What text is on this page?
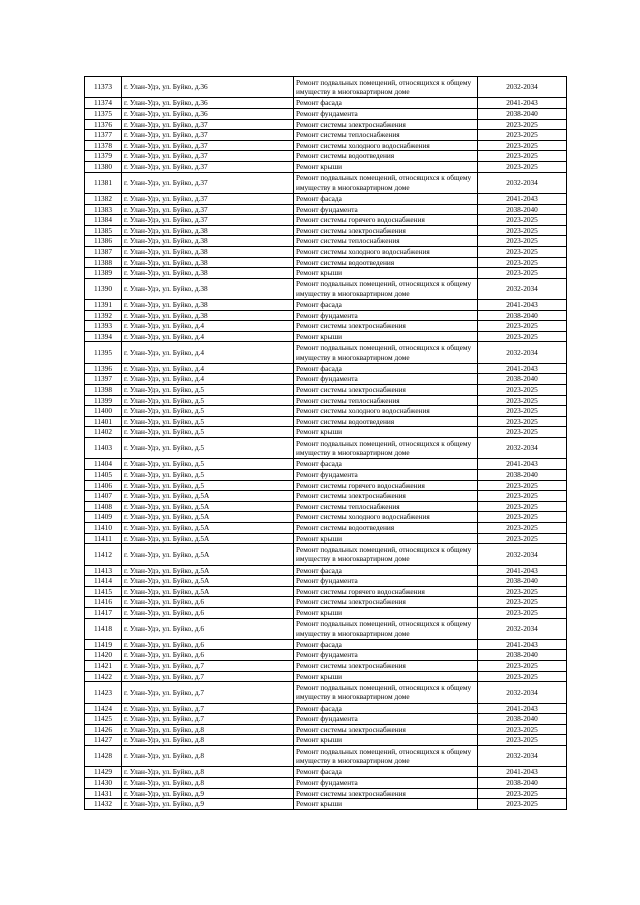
11373	г. Улан-Удэ, ул. Буйко, д.36	Ремонт подвальных помещений, относящихся к общему имуществу в многоквартирном доме	2032-2034
11374	г. Улан-Удэ, ул. Буйко, д.36	Ремонт фасада	2041-2043
11375	г. Улан-Удэ, ул. Буйко, д.36	Ремонт фундамента	2038-2040
11376	г. Улан-Удэ, ул. Буйко, д.37	Ремонт системы электроснабжения	2023-2025
11377	г. Улан-Удэ, ул. Буйко, д.37	Ремонт системы теплоснабжения	2023-2025
11378	г. Улан-Удэ, ул. Буйко, д.37	Ремонт системы холодного водоснабжения	2023-2025
11379	г. Улан-Удэ, ул. Буйко, д.37	Ремонт системы водоотведения	2023-2025
11380	г. Улан-Удэ, ул. Буйко, д.37	Ремонт крыши	2023-2025
11381	г. Улан-Удэ, ул. Буйко, д.37	Ремонт подвальных помещений, относящихся к общему имуществу в многоквартирном доме	2032-2034
11382	г. Улан-Удэ, ул. Буйко, д.37	Ремонт фасада	2041-2043
11383	г. Улан-Удэ, ул. Буйко, д.37	Ремонт фундамента	2038-2040
11384	г. Улан-Удэ, ул. Буйко, д.37	Ремонт системы горячего водоснабжения	2023-2025
11385	г. Улан-Удэ, ул. Буйко, д.38	Ремонт системы электроснабжения	2023-2025
11386	г. Улан-Удэ, ул. Буйко, д.38	Ремонт системы теплоснабжения	2023-2025
11387	г. Улан-Удэ, ул. Буйко, д.38	Ремонт системы холодного водоснабжения	2023-2025
11388	г. Улан-Удэ, ул. Буйко, д.38	Ремонт системы водоотведения	2023-2025
11389	г. Улан-Удэ, ул. Буйко, д.38	Ремонт крыши	2023-2025
11390	г. Улан-Удэ, ул. Буйко, д.38	Ремонт подвальных помещений, относящихся к общему имуществу в многоквартирном доме	2032-2034
11391	г. Улан-Удэ, ул. Буйко, д.38	Ремонт фасада	2041-2043
11392	г. Улан-Удэ, ул. Буйко, д.38	Ремонт фундамента	2038-2040
11393	г. Улан-Удэ, ул. Буйко, д.4	Ремонт системы электроснабжения	2023-2025
11394	г. Улан-Удэ, ул. Буйко, д.4	Ремонт крыши	2023-2025
11395	г. Улан-Удэ, ул. Буйко, д.4	Ремонт подвальных помещений, относящихся к общему имуществу в многоквартирном доме	2032-2034
11396	г. Улан-Удэ, ул. Буйко, д.4	Ремонт фасада	2041-2043
11397	г. Улан-Удэ, ул. Буйко, д.4	Ремонт фундамента	2038-2040
11398	г. Улан-Удэ, ул. Буйко, д.5	Ремонт системы электроснабжения	2023-2025
11399	г. Улан-Удэ, ул. Буйко, д.5	Ремонт системы теплоснабжения	2023-2025
11400	г. Улан-Удэ, ул. Буйко, д.5	Ремонт системы холодного водоснабжения	2023-2025
11401	г. Улан-Удэ, ул. Буйко, д.5	Ремонт системы водоотведения	2023-2025
11402	г. Улан-Удэ, ул. Буйко, д.5	Ремонт крыши	2023-2025
11403	г. Улан-Удэ, ул. Буйко, д.5	Ремонт подвальных помещений, относящихся к общему имуществу в многоквартирном доме	2032-2034
11404	г. Улан-Удэ, ул. Буйко, д.5	Ремонт фасада	2041-2043
11405	г. Улан-Удэ, ул. Буйко, д.5	Ремонт фундамента	2038-2040
11406	г. Улан-Удэ, ул. Буйко, д.5	Ремонт системы горячего водоснабжения	2023-2025
11407	г. Улан-Удэ, ул. Буйко, д.5А	Ремонт системы электроснабжения	2023-2025
11408	г. Улан-Удэ, ул. Буйко, д.5А	Ремонт системы теплоснабжения	2023-2025
11409	г. Улан-Удэ, ул. Буйко, д.5А	Ремонт системы холодного водоснабжения	2023-2025
11410	г. Улан-Удэ, ул. Буйко, д.5А	Ремонт системы водоотведения	2023-2025
11411	г. Улан-Удэ, ул. Буйко, д.5А	Ремонт крыши	2023-2025
11412	г. Улан-Удэ, ул. Буйко, д.5А	Ремонт подвальных помещений, относящихся к общему имуществу в многоквартирном доме	2032-2034
11413	г. Улан-Удэ, ул. Буйко, д.5А	Ремонт фасада	2041-2043
11414	г. Улан-Удэ, ул. Буйко, д.5А	Ремонт фундамента	2038-2040
11415	г. Улан-Удэ, ул. Буйко, д.5А	Ремонт системы горячего водоснабжения	2023-2025
11416	г. Улан-Удэ, ул. Буйко, д.6	Ремонт системы электроснабжения	2023-2025
11417	г. Улан-Удэ, ул. Буйко, д.6	Ремонт крыши	2023-2025
11418	г. Улан-Удэ, ул. Буйко, д.6	Ремонт подвальных помещений, относящихся к общему имуществу в многоквартирном доме	2032-2034
11419	г. Улан-Удэ, ул. Буйко, д.6	Ремонт фасада	2041-2043
11420	г. Улан-Удэ, ул. Буйко, д.6	Ремонт фундамента	2038-2040
11421	г. Улан-Удэ, ул. Буйко, д.7	Ремонт системы электроснабжения	2023-2025
11422	г. Улан-Удэ, ул. Буйко, д.7	Ремонт крыши	2023-2025
11423	г. Улан-Удэ, ул. Буйко, д.7	Ремонт подвальных помещений, относящихся к общему имуществу в многоквартирном доме	2032-2034
11424	г. Улан-Удэ, ул. Буйко, д.7	Ремонт фасада	2041-2043
11425	г. Улан-Удэ, ул. Буйко, д.7	Ремонт фундамента	2038-2040
11426	г. Улан-Удэ, ул. Буйко, д.8	Ремонт системы электроснабжения	2023-2025
11427	г. Улан-Удэ, ул. Буйко, д.8	Ремонт крыши	2023-2025
11428	г. Улан-Удэ, ул. Буйко, д.8	Ремонт подвальных помещений, относящихся к общему имуществу в многоквартирном доме	2032-2034
11429	г. Улан-Удэ, ул. Буйко, д.8	Ремонт фасада	2041-2043
11430	г. Улан-Удэ, ул. Буйко, д.8	Ремонт фундамента	2038-2040
11431	г. Улан-Удэ, ул. Буйко, д.9	Ремонт системы электроснабжения	2023-2025
11432	г. Улан-Удэ, ул. Буйко, д.9	Ремонт крыши	2023-2025
